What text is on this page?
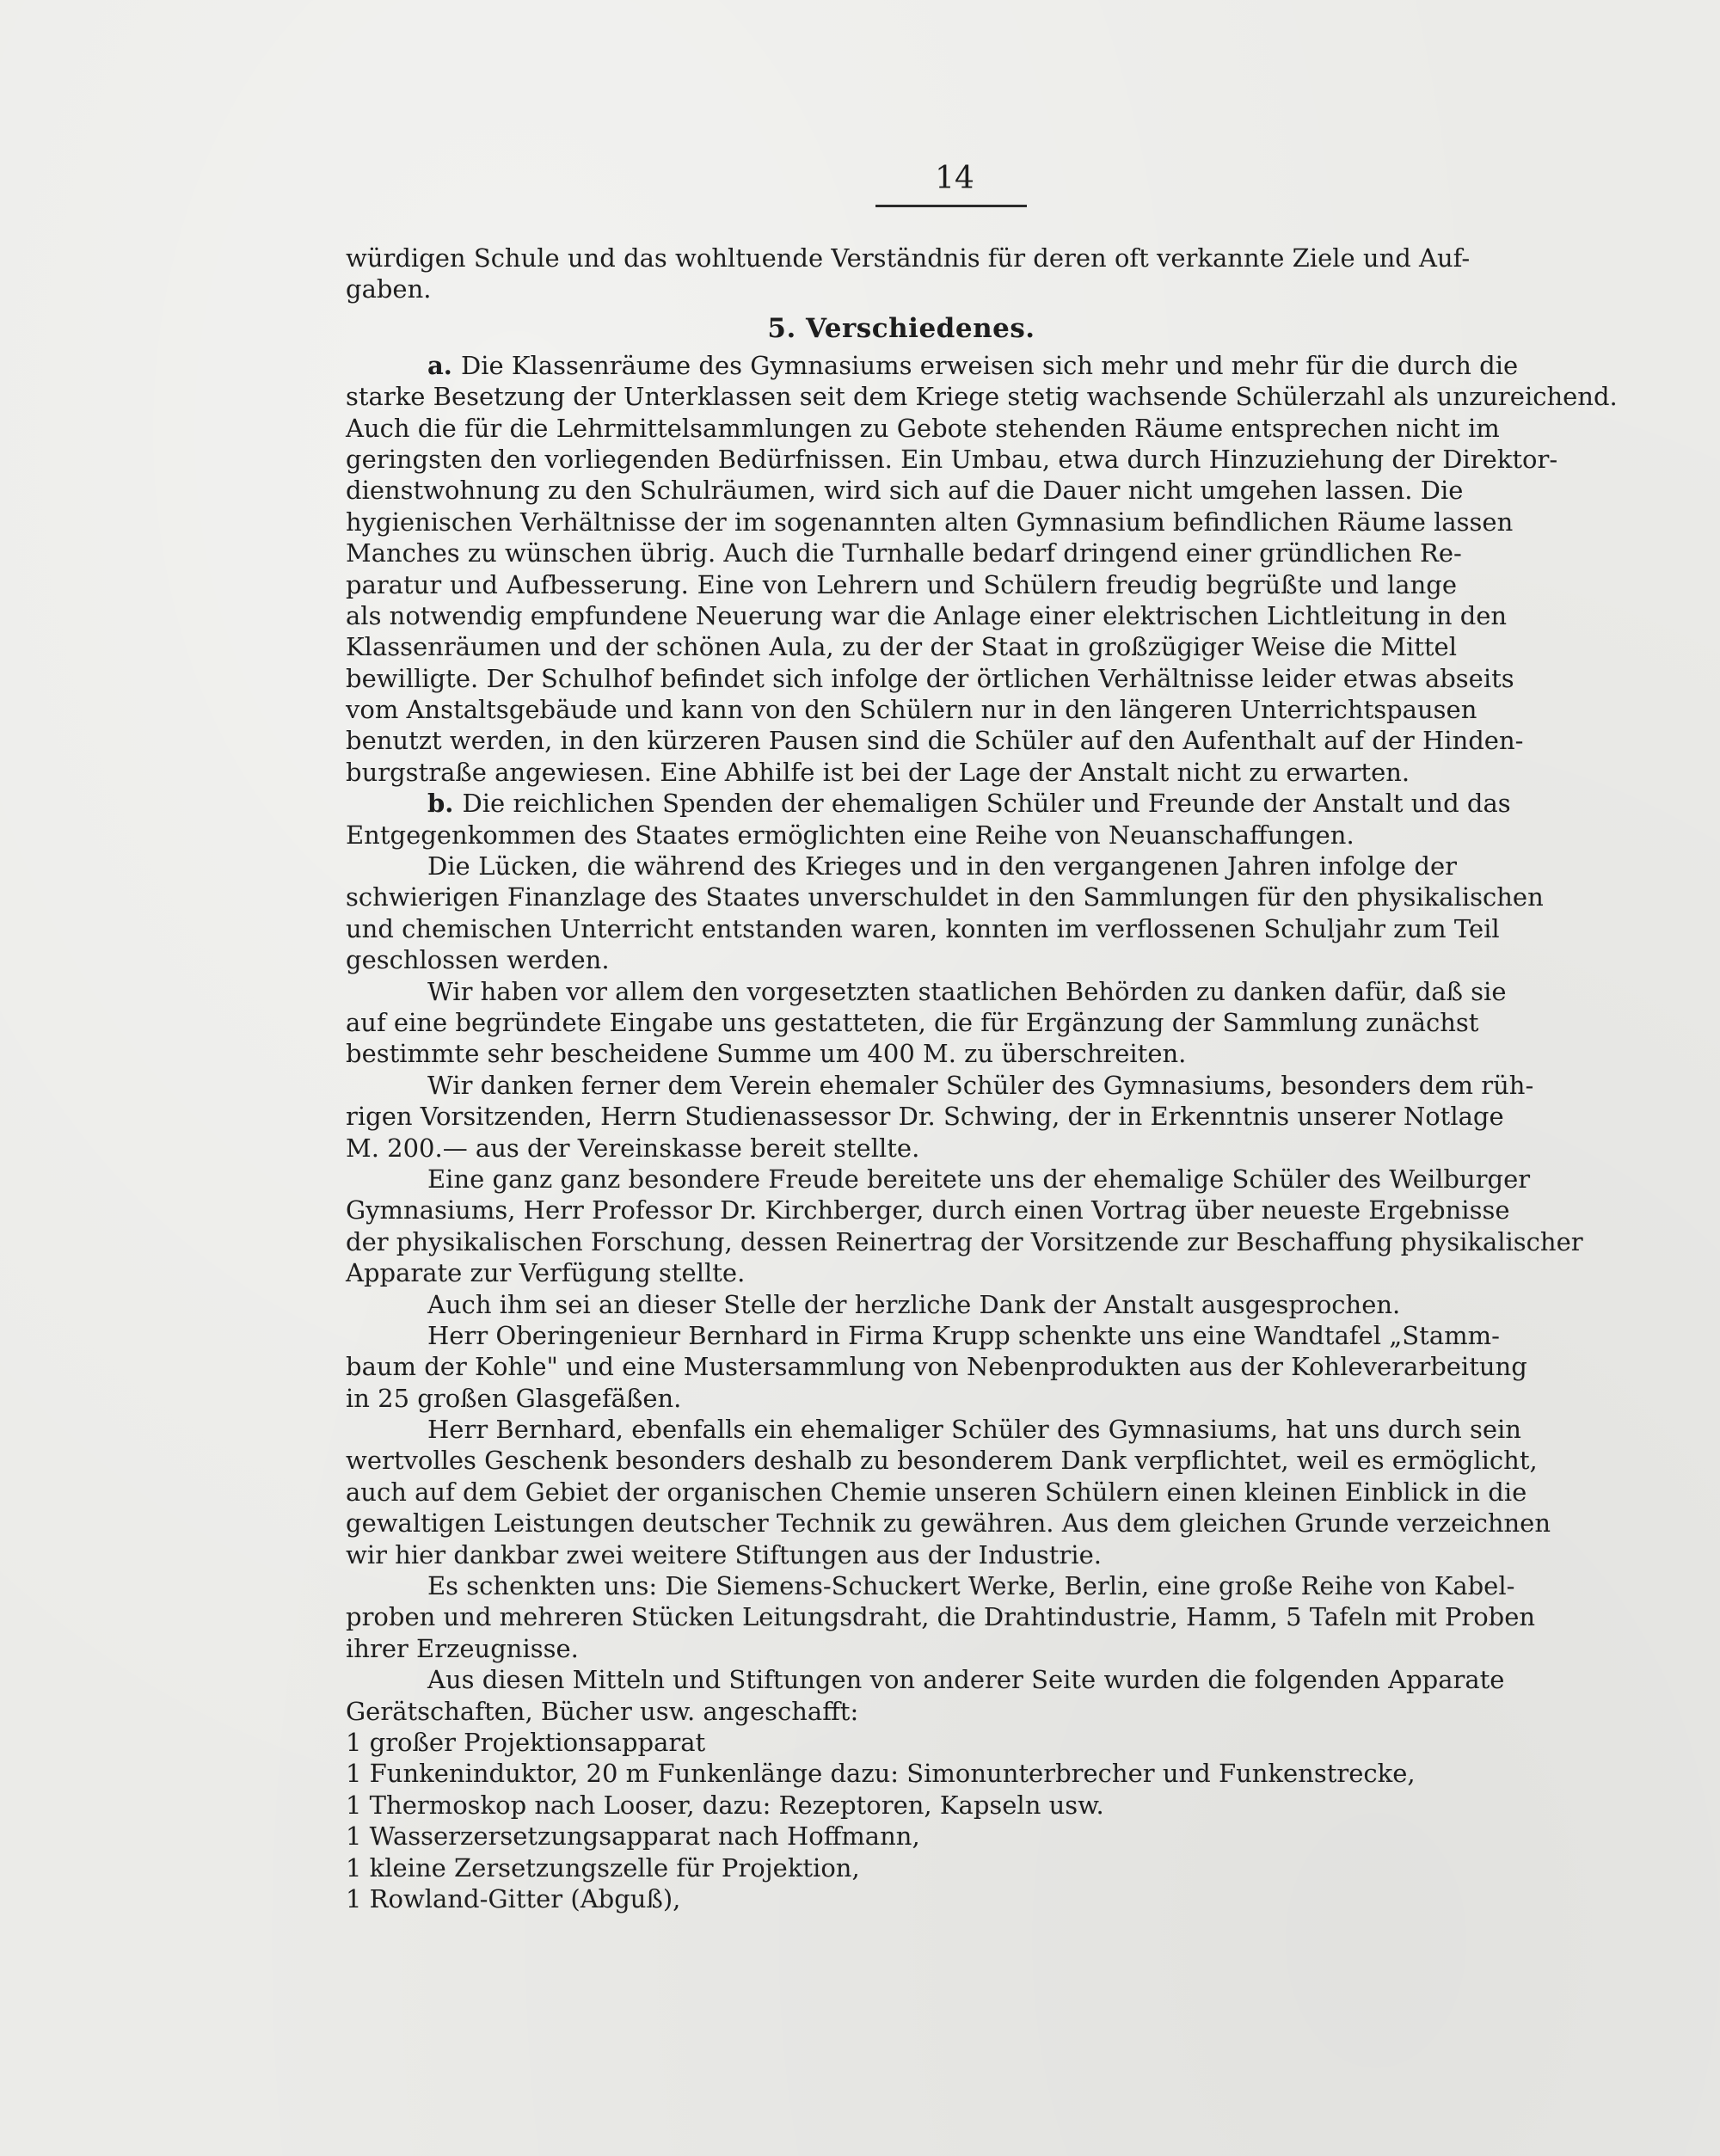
14
würdigen Schule und das wohltuende Verständnis für deren oft verkannte Ziele und Auf-
gaben.
5. Verschiedenes.
a. Die Klassenräume des Gymnasiums erweisen sich mehr und mehr für die durch die
starke Besetzung der Unterklassen seit dem Kriege stetig wachsende Schülerzahl als unzureichend.
Auch die für die Lehrmittelsammlungen zu Gebote stehenden Räume entsprechen nicht im
geringsten den vorliegenden Bedürfnissen. Ein Umbau, etwa durch Hinzuziehung der Direktor-
dienstwohnung zu den Schulräumen, wird sich auf die Dauer nicht umgehen lassen. Die
hygienischen Verhältnisse der im sogenannten alten Gymnasium befindlichen Räume lassen
Manches zu wünschen übrig. Auch die Turnhalle bedarf dringend einer gründlichen Re-
paratur und Aufbesserung. Eine von Lehrern und Schülern freudig begrüßte und lange
als notwendig empfundene Neuerung war die Anlage einer elektrischen Lichtleitung in den
Klassenräumen und der schönen Aula, zu der der Staat in großzügiger Weise die Mittel
bewilligte. Der Schulhof befindet sich infolge der örtlichen Verhältnisse leider etwas abseits
vom Anstaltsgebäude und kann von den Schülern nur in den längeren Unterrichtspausen
benutzt werden, in den kürzeren Pausen sind die Schüler auf den Aufenthalt auf der Hinden-
burgstraße angewiesen. Eine Abhilfe ist bei der Lage der Anstalt nicht zu erwarten.
b. Die reichlichen Spenden der ehemaligen Schüler und Freunde der Anstalt und das
Entgegenkommen des Staates ermöglichten eine Reihe von Neuanschaffungen.
Die Lücken, die während des Krieges und in den vergangenen Jahren infolge der
schwierigen Finanzlage des Staates unverschuldet in den Sammlungen für den physikalischen
und chemischen Unterricht entstanden waren, konnten im verflossenen Schuljahr zum Teil
geschlossen werden.
Wir haben vor allem den vorgesetzten staatlichen Behörden zu danken dafür, daß sie
auf eine begründete Eingabe uns gestatteten, die für Ergänzung der Sammlung zunächst
bestimmte sehr bescheidene Summe um 400 M. zu überschreiten.
Wir danken ferner dem Verein ehemaler Schüler des Gymnasiums, besonders dem rüh-
rigen Vorsitzenden, Herrn Studienassessor Dr. Schwing, der in Erkenntnis unserer Notlage
M. 200.— aus der Vereinskasse bereit stellte.
Eine ganz ganz besondere Freude bereitete uns der ehemalige Schüler des Weilburger
Gymnasiums, Herr Professor Dr. Kirchberger, durch einen Vortrag über neueste Ergebnisse
der physikalischen Forschung, dessen Reinertrag der Vorsitzende zur Beschaffung physikalischer
Apparate zur Verfügung stellte.
Auch ihm sei an dieser Stelle der herzliche Dank der Anstalt ausgesprochen.
Herr Oberingenieur Bernhard in Firma Krupp schenkte uns eine Wandtafel „Stamm-
baum der Kohle" und eine Mustersammlung von Nebenprodukten aus der Kohleverarbeitung
in 25 großen Glasgefäßen.
Herr Bernhard, ebenfalls ein ehemaliger Schüler des Gymnasiums, hat uns durch sein
wertvolles Geschenk besonders deshalb zu besonderem Dank verpflichtet, weil es ermöglicht,
auch auf dem Gebiet der organischen Chemie unseren Schülern einen kleinen Einblick in die
gewaltigen Leistungen deutscher Technik zu gewähren. Aus dem gleichen Grunde verzeichnen
wir hier dankbar zwei weitere Stiftungen aus der Industrie.
Es schenkten uns: Die Siemens-Schuckert Werke, Berlin, eine große Reihe von Kabel-
proben und mehreren Stücken Leitungsdraht, die Drahtindustrie, Hamm, 5 Tafeln mit Proben
ihrer Erzeugnisse.
Aus diesen Mitteln und Stiftungen von anderer Seite wurden die folgenden Apparate
Gerätschaften, Bücher usw. angeschafft:
1 großer Projektionsapparat
1 Funkeninduktor, 20 m Funkenlänge dazu: Simonunterbrecher und Funkenstrecke,
1 Thermoskop nach Looser, dazu: Rezeptoren, Kapseln usw.
1 Wasserzersetzungsapparat nach Hoffmann,
1 kleine Zersetzungszelle für Projektion,
1 Rowland-Gitter (Abguß),
